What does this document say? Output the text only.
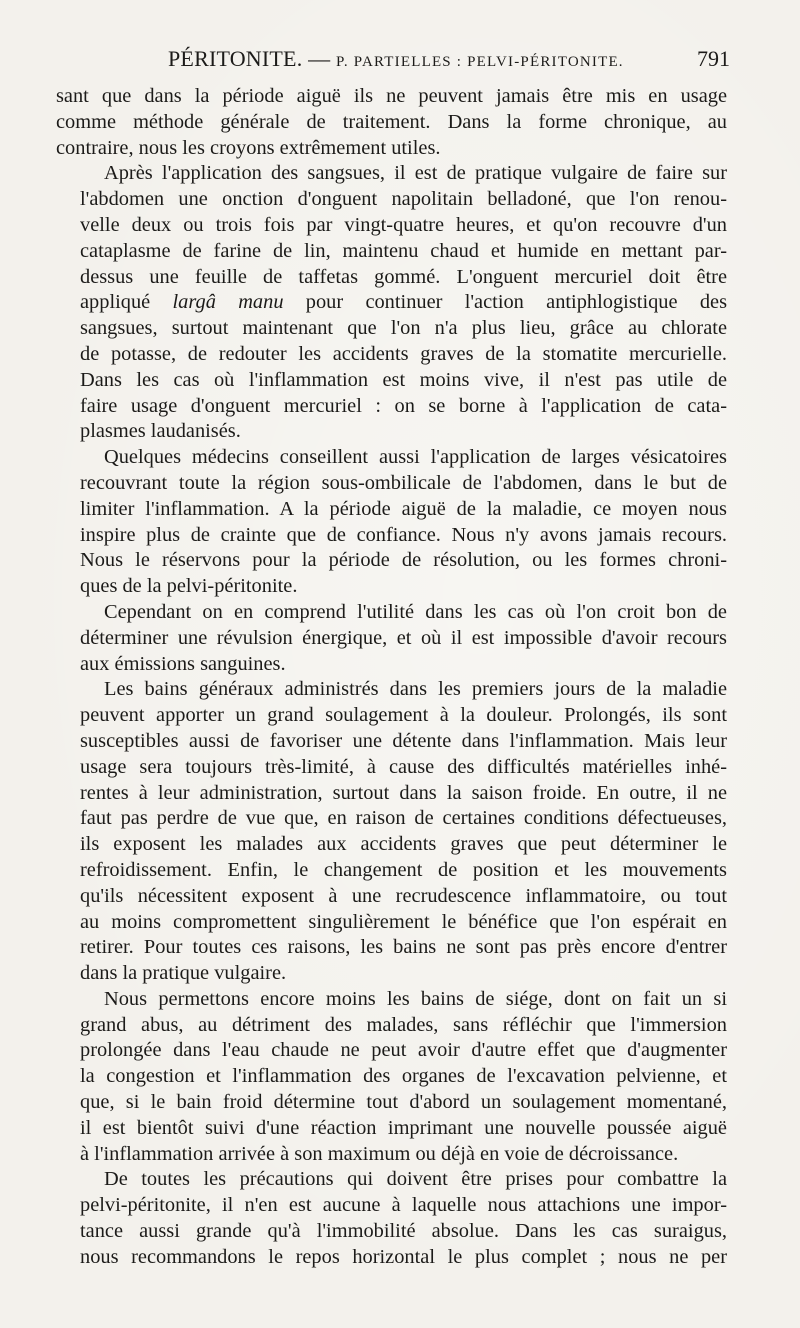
PÉRITONITE. — P. PARTIELLES : PELVI-PÉRITONITE.	791
sant que dans la période aiguë ils ne peuvent jamais être mis en usage
comme méthode générale de traitement. Dans la forme chronique, au
contraire, nous les croyons extrêmement utiles.
Après l'application des sangsues, il est de pratique vulgaire de faire sur
l'abdomen une onction d'onguent napolitain belladoné, que l'on renou-
velle deux ou trois fois par vingt-quatre heures, et qu'on recouvre d'un
cataplasme de farine de lin, maintenu chaud et humide en mettant par-
dessus une feuille de taffetas gommé. L'onguent mercuriel doit être
appliqué largâ manu pour continuer l'action antiphlogistique des
sangsues, surtout maintenant que l'on n'a plus lieu, grâce au chlorate
de potasse, de redouter les accidents graves de la stomatite mercurielle.
Dans les cas où l'inflammation est moins vive, il n'est pas utile de
faire usage d'onguent mercuriel : on se borne à l'application de cata-
plasmes laudanisés.
Quelques médecins conseillent aussi l'application de larges vésicatoires
recouvrant toute la région sous-ombilicale de l'abdomen, dans le but de
limiter l'inflammation. A la période aiguë de la maladie, ce moyen nous
inspire plus de crainte que de confiance. Nous n'y avons jamais recours.
Nous le réservons pour la période de résolution, ou les formes chroni-
ques de la pelvi-péritonite.
Cependant on en comprend l'utilité dans les cas où l'on croit bon de
déterminer une révulsion énergique, et où il est impossible d'avoir recours
aux émissions sanguines.
Les bains généraux administrés dans les premiers jours de la maladie
peuvent apporter un grand soulagement à la douleur. Prolongés, ils sont
susceptibles aussi de favoriser une détente dans l'inflammation. Mais leur
usage sera toujours très-limité, à cause des difficultés matérielles inhé-
rentes à leur administration, surtout dans la saison froide. En outre, il ne
faut pas perdre de vue que, en raison de certaines conditions défectueuses,
ils exposent les malades aux accidents graves que peut déterminer le
refroidissement. Enfin, le changement de position et les mouvements
qu'ils nécessitent exposent à une recrudescence inflammatoire, ou tout
au moins compromettent singulièrement le bénéfice que l'on espérait en
retirer. Pour toutes ces raisons, les bains ne sont pas près encore d'entrer
dans la pratique vulgaire.
Nous permettons encore moins les bains de siége, dont on fait un si
grand abus, au détriment des malades, sans réfléchir que l'immersion
prolongée dans l'eau chaude ne peut avoir d'autre effet que d'augmenter
la congestion et l'inflammation des organes de l'excavation pelvienne, et
que, si le bain froid détermine tout d'abord un soulagement momentané,
il est bientôt suivi d'une réaction imprimant une nouvelle poussée aiguë
à l'inflammation arrivée à son maximum ou déjà en voie de décroissance.
De toutes les précautions qui doivent être prises pour combattre la
pelvi-péritonite, il n'en est aucune à laquelle nous attachions une impor-
tance aussi grande qu'à l'immobilité absolue. Dans les cas suraigus,
nous recommandons le repos horizontal le plus complet ; nous ne per
